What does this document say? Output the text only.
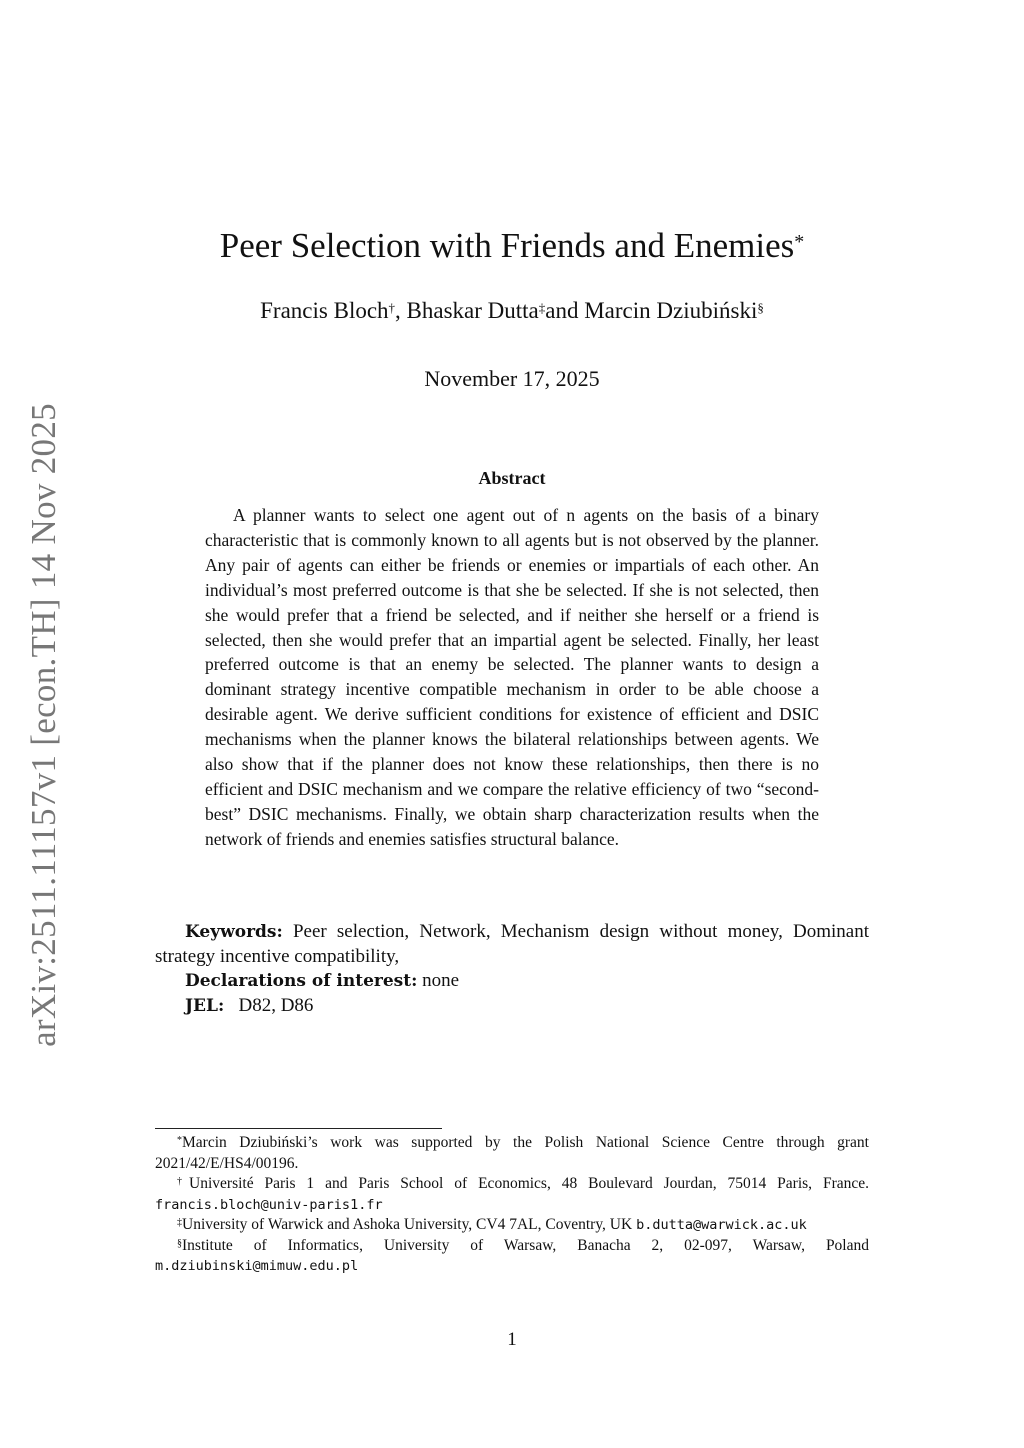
arXiv:2511.11157v1 [econ.TH] 14 Nov 2025
Peer Selection with Friends and Enemies*
Francis Bloch†, Bhaskar Dutta‡and Marcin Dziubiński§
November 17, 2025
Abstract
A planner wants to select one agent out of n agents on the basis of a binary characteristic that is commonly known to all agents but is not observed by the planner. Any pair of agents can either be friends or enemies or impartials of each other. An individual’s most preferred outcome is that she be selected. If she is not selected, then she would prefer that a friend be selected, and if neither she herself or a friend is selected, then she would prefer that an impartial agent be selected. Finally, her least preferred outcome is that an enemy be selected. The planner wants to design a dominant strategy incentive compatible mechanism in order to be able choose a desirable agent. We derive sufficient conditions for existence of efficient and DSIC mechanisms when the planner knows the bilateral relationships between agents. We also show that if the planner does not know these relationships, then there is no efficient and DSIC mechanism and we compare the relative efficiency of two “second-best” DSIC mechanisms. Finally, we obtain sharp characterization results when the network of friends and enemies satisfies structural balance.

Keywords: Peer selection, Network, Mechanism design without money, Dominant strategy incentive compatibility,

Declarations of interest: none

JEL: D82, D86

*Marcin Dziubiński’s work was supported by the Polish National Science Centre through grant 2021/42/E/HS4/00196.

†Université Paris 1 and Paris School of Economics, 48 Boulevard Jourdan, 75014 Paris, France. francis.bloch@univ-paris1.fr

‡University of Warwick and Ashoka University, CV4 7AL, Coventry, UK b.dutta@warwick.ac.uk

§Institute of Informatics, University of Warsaw, Banacha 2, 02-097, Warsaw, Poland m.dziubinski@mimuw.edu.pl

1
